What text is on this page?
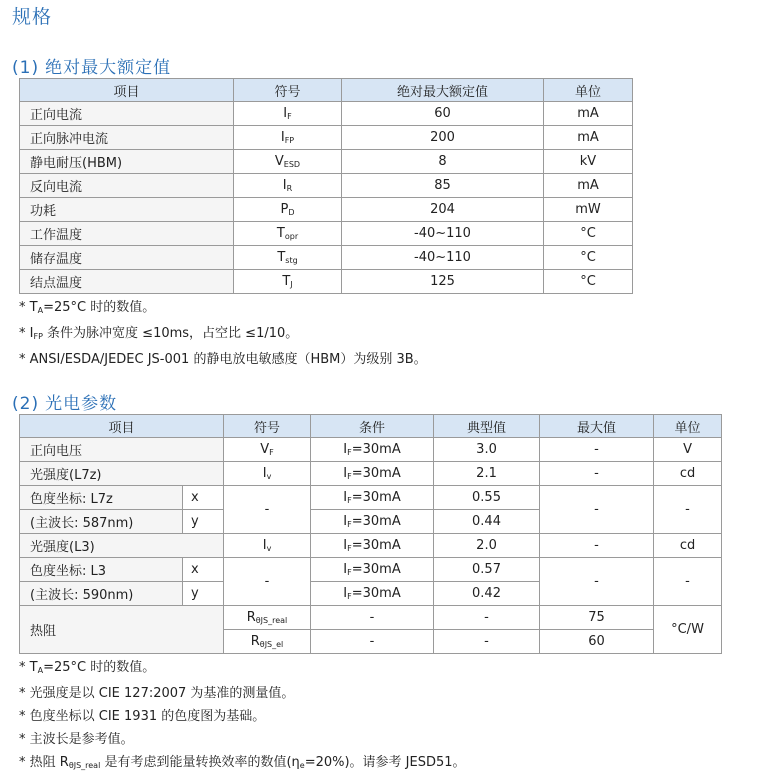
规格
(1) 绝对最大额定值
项目	符号	绝对最大额定值	单位
正向电流	$I_F$	60	mA
正向脉冲电流	$I_{FP}$	200	mA
静电耐压(HBM)	$V_{ESD}$	8	kV
反向电流	$I_R$	85	mA
功耗	$P_D$	204	mW
工作温度	$T_{opr}$	-40~110	°C
储存温度	$T_{stg}$	-40~110	°C
结点温度	$T_J$	125	°C
* $T_A=25^\circ C$ 时的数值。
* $I_{FP}$ 条件为脉冲宽度 ≤10ms，占空比 ≤1/10。
* ANSI/ESDA/JEDEC JS-001 的静电放电敏感度（HBM）为级别 3B。
(2) 光电参数
项目		符号	条件	典型值	最大值	单位
正向电压		$V_F$	$I_F=30mA$	3.0	-	V
光强度(L7z)		$I_v$	$I_F=30mA$	2.1	-	cd
色度坐标: L7z	x	-	$I_F=30mA$	0.55	-	-
(主波长: 587nm)	y		$I_F=30mA$	0.44		
光强度(L3)		$I_v$	$I_F=30mA$	2.0	-	cd
色度坐标: L3	x	-	$I_F=30mA$	0.57	-	-
(主波长: 590nm)	y		$I_F=30mA$	0.42		
热阻		$R_{\theta JS\_real}$	-	-	75	°C/W
		$R_{\theta JS\_el}$	-	-	60	
* $T_A=25^\circ C$ 时的数值。
* 光强度是以 CIE 127:2007 为基准的测量值。
* 色度坐标以 CIE 1931 的色度图为基础。
* 主波长是参考值。
* 热阻 $R_{\theta JS\_real}$ 是有考虑到能量转换效率的数值$(\eta_e=20\%)$。请参考 JESD51。
